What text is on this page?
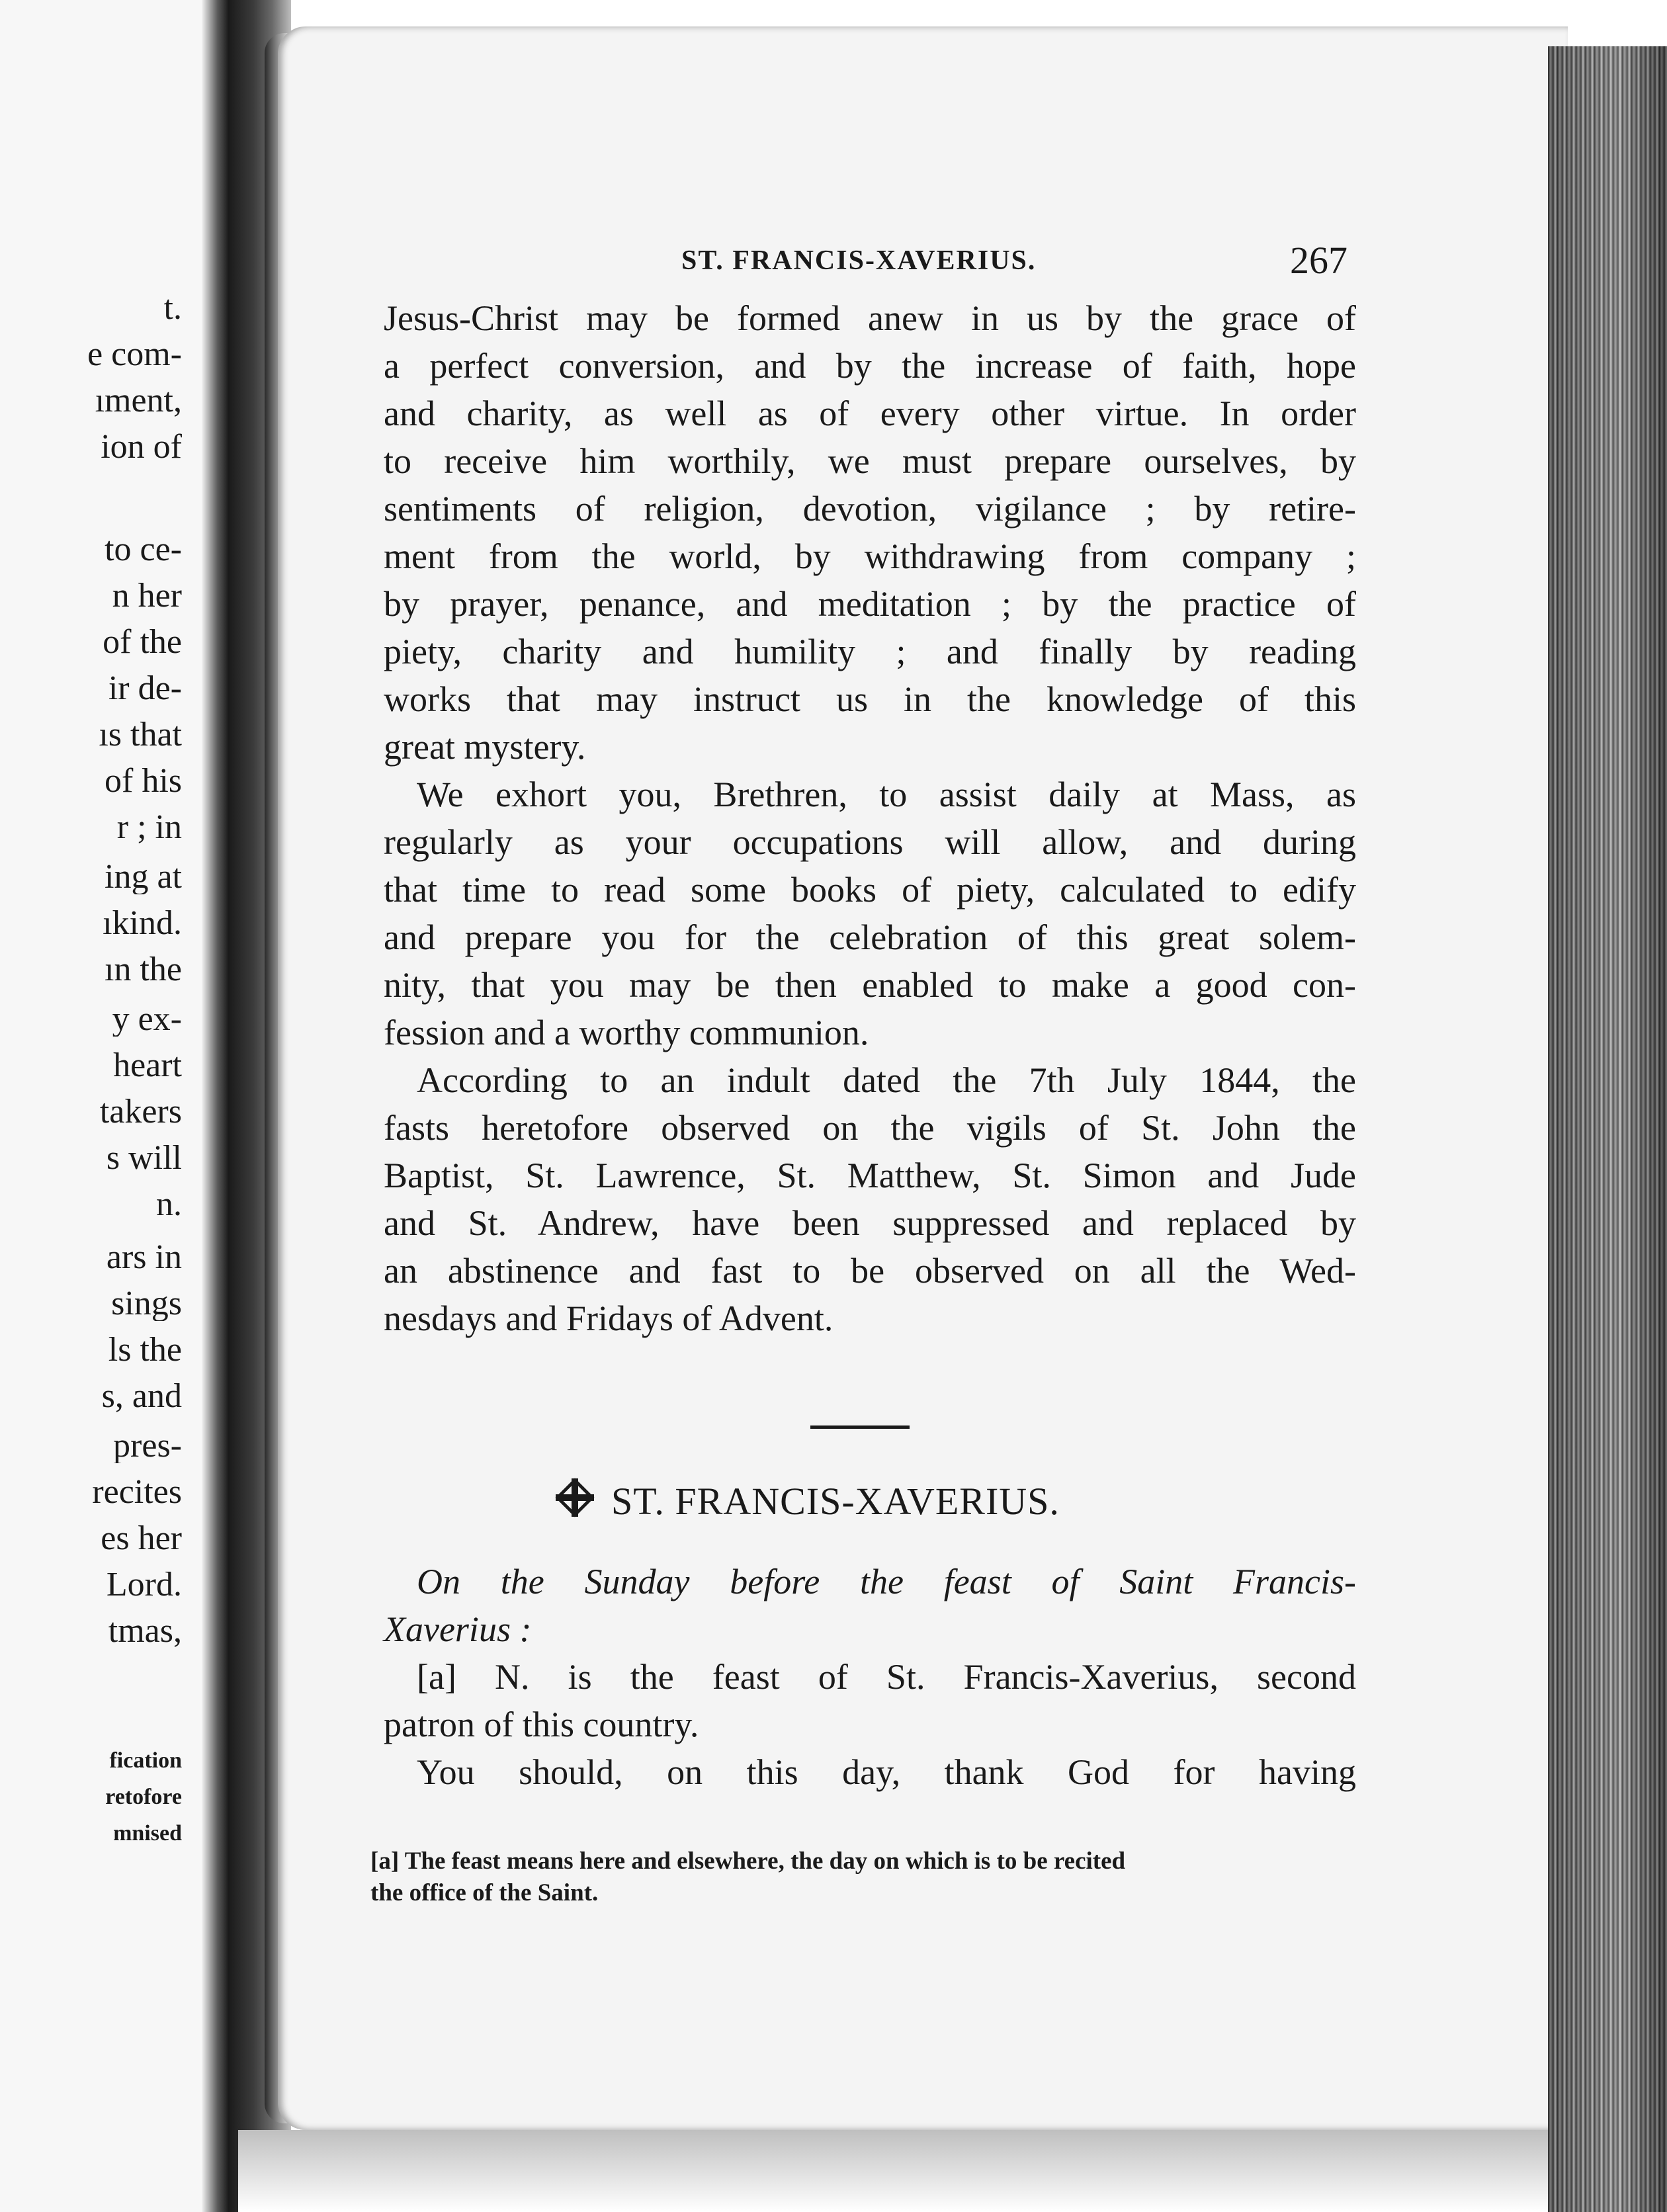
t.
e com-
ıment,
ion of
to ce-
n her
of the
ir de-
ıs that
of his
r ; in
ing at
ıkind.
ın the
y ex-
heart
takers
s will
n.
ars in
sings
ls the
s, and
pres-
recites
es her
Lord.
tmas,
fication
retofore
mnised
ST. FRANCIS-XAVERIUS.	267
Jesus-Christ may be formed anew in us by the grace of
a perfect conversion, and by the increase of faith, hope
and charity, as well as of every other virtue. In order
to receive him worthily, we must prepare ourselves, by
sentiments of religion, devotion, vigilance ; by retire-
ment from the world, by withdrawing from company ;
by prayer, penance, and meditation ; by the practice of
piety, charity and humility ; and finally by reading
works that may instruct us in the knowledge of this
great mystery.
We exhort you, Brethren, to assist daily at Mass, as
regularly as your occupations will allow, and during
that time to read some books of piety, calculated to edify
and prepare you for the celebration of this great solem-
nity, that you may be then enabled to make a good con-
fession and a worthy communion.
According to an indult dated the 7th July 1844, the
fasts heretofore observed on the vigils of St. John the
Baptist, St. Lawrence, St. Matthew, St. Simon and Jude
and St. Andrew, have been suppressed and replaced by
an abstinence and fast to be observed on all the Wed-
nesdays and Fridays of Advent.
ST. FRANCIS-XAVERIUS.
On the Sunday before the feast of Saint Francis-
Xaverius :
[a] N. is the feast of St. Francis-Xaverius, second
patron of this country.
You should, on this day, thank God for having
[a] The feast means here and elsewhere, the day on which is to be recited
the office of the Saint.
